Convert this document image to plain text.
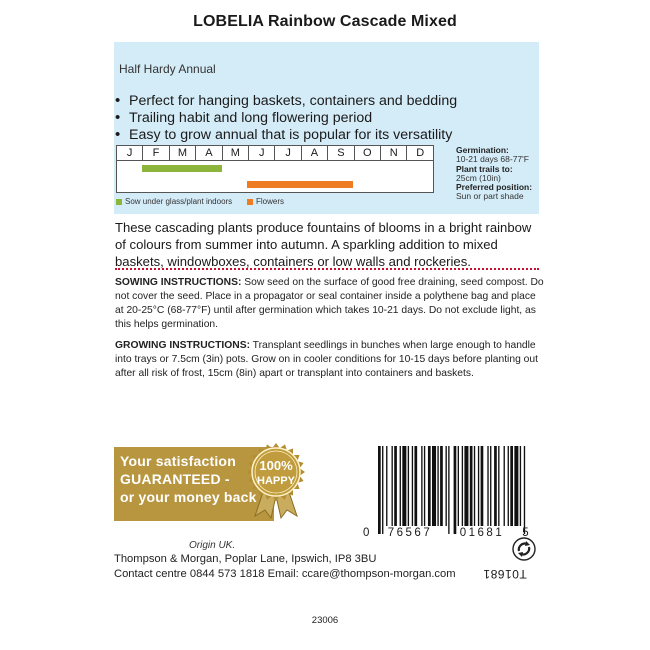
LOBELIA Rainbow Cascade Mixed
Half Hardy Annual
• Perfect for hanging baskets, containers and bedding
• Trailing habit and long flowering period
• Easy to grow annual that is popular for its versatility
J	F	M	A	M	J	J	A	S	O	N	D
Sow under glass/plant indoors	Flowers
Germination:
10-21 days 68-77'F
Plant trails to:
25cm (10in)
Preferred position:
Sun or part shade
These cascading plants produce fountains of blooms in a bright rainbow of colours from summer into autumn. A sparkling addition to mixed baskets, windowboxes, containers or low walls and rockeries.
SOWING INSTRUCTIONS: Sow seed on the surface of good free draining, seed compost. Do not cover the seed. Place in a propagator or seal container inside a polythene bag and place at 20-25°C (68-77°F) until after germination which takes 10-21 days. Do not exclude light, as this helps germination.
GROWING INSTRUCTIONS: Transplant seedlings in bunches when large enough to handle into trays or 7.5cm (3in) pots. Grow on in cooler conditions for 10-15 days before planting out after all risk of frost, 15cm (8in) apart or transplant into containers and baskets.
Your satisfaction
GUARANTEED -
or your money back
100%
HAPPY
0 76567 01681 5
Origin UK.
Thompson & Morgan, Poplar Lane, Ipswich, IP8 3BU
Contact centre 0844 573 1818 Email: ccare@thompson-morgan.com T01681
23006
